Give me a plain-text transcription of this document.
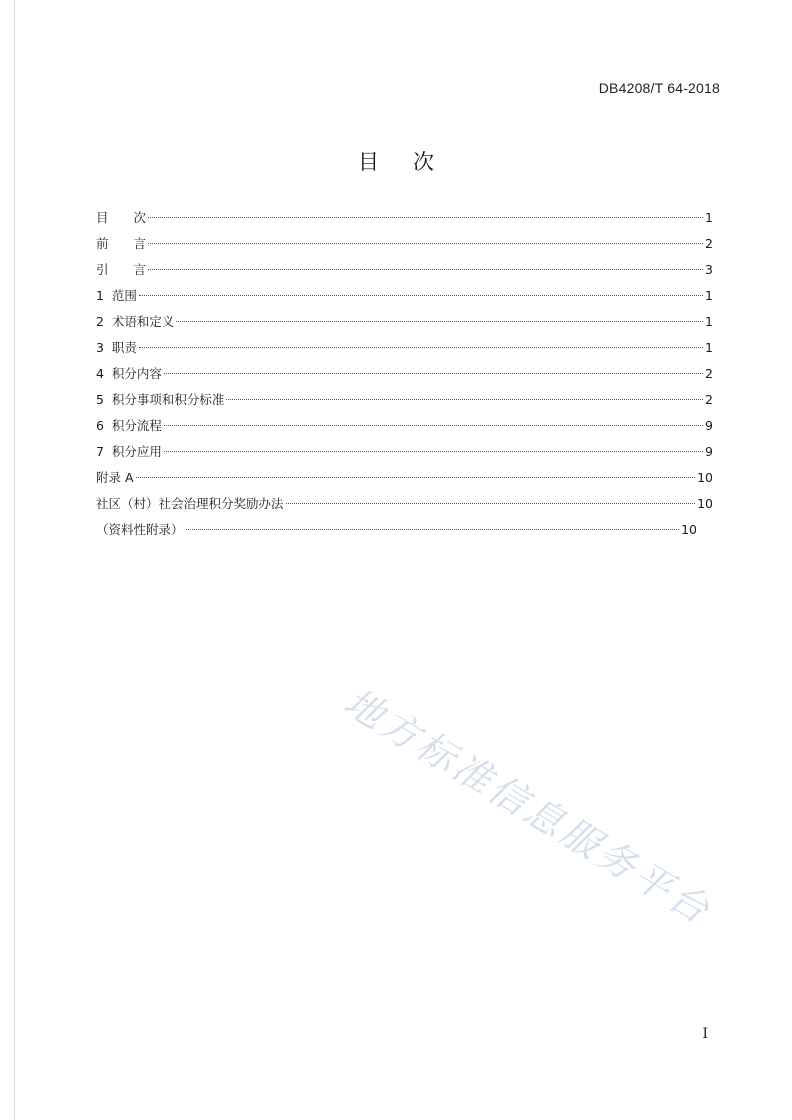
DB4208/T 64-2018
目 次
目　　次	1
前　　言	2
引　　言	3
1  范围	1
2  术语和定义	1
3  职责	1
4  积分内容	2
5  积分事项和积分标准	2
6  积分流程	9
7  积分应用	9
附录 A	10
社区（村）社会治理积分奖励办法	10
（资料性附录）	10
地方标准信息服务平台
I
